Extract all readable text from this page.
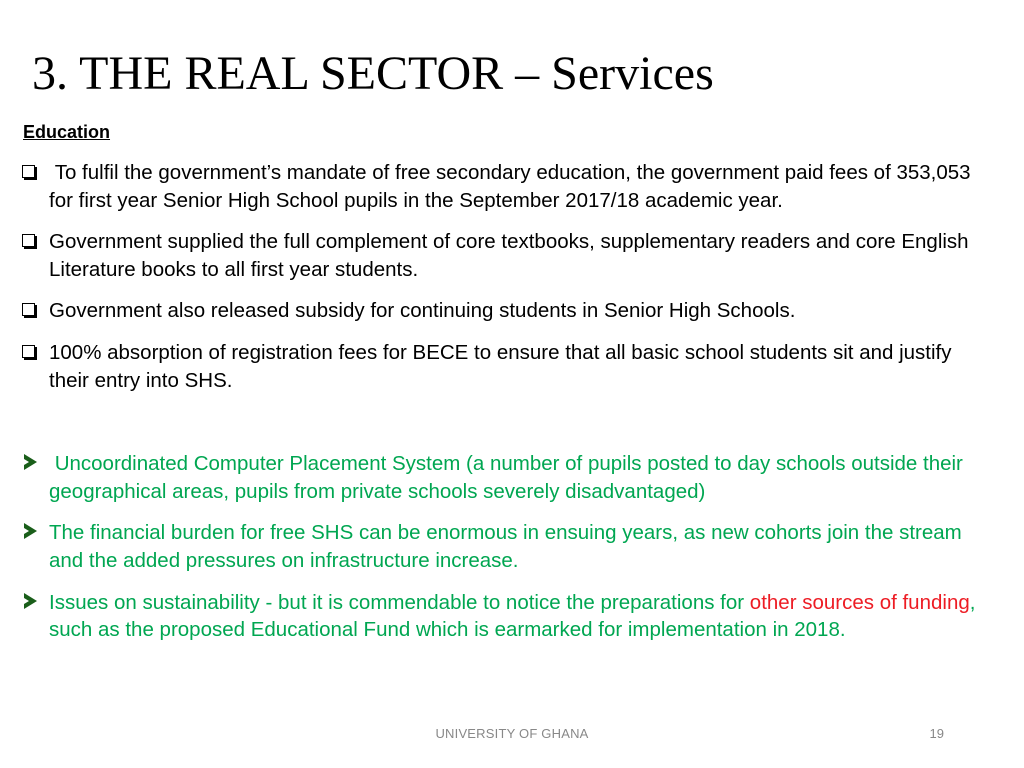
3. THE REAL SECTOR – Services
Education
To fulfil the government’s mandate of free secondary education, the government paid fees of 353,053 for first year Senior High School pupils in the September 2017/18 academic year.
Government supplied the full complement of core textbooks, supplementary readers and core English Literature books to all first year students.
Government also released subsidy for continuing students in Senior High Schools.
100% absorption of registration fees for BECE to ensure that all basic school students sit and justify their entry into SHS.
Uncoordinated Computer Placement System (a number of pupils posted to day schools outside their geographical areas, pupils from private schools severely disadvantaged)
The financial burden for free SHS can be enormous in ensuing years, as new cohorts join the stream and the added pressures on infrastructure increase.
Issues on sustainability - but it is commendable to notice the preparations for other sources of funding, such as the proposed Educational Fund which is earmarked for implementation in 2018.
UNIVERSITY OF GHANA	19
